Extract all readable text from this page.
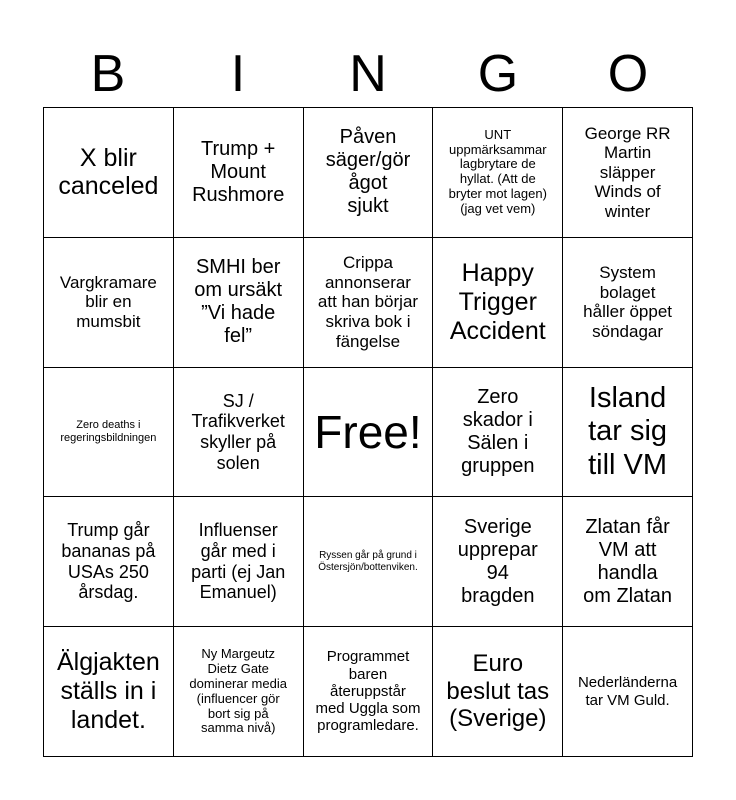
B	I	N	G	O
X blir
canceled
Trump +
Mount
Rushmore
Påven
säger/gör
ågot
sjukt
UNT
uppmärksammar
lagbrytare de
hyllat. (Att de
bryter mot lagen)
(jag vet vem)
George RR
Martin
släpper
Winds of
winter
Vargkramare
blir en
mumsbit
SMHI ber
om ursäkt
”Vi hade
fel”
Crippa
annonserar
att han börjar
skriva bok i
fängelse
Happy
Trigger
Accident
System
bolaget
håller öppet
söndagar
Zero deaths i
regeringsbildningen
SJ /
Trafikverket
skyller på
solen
Free!
Zero
skador i
Sälen i
gruppen
Island
tar sig
till VM
Trump går
bananas på
USAs 250
årsdag.
Influenser
går med i
parti (ej Jan
Emanuel)
Ryssen går på grund i
Östersjön/bottenviken.
Sverige
upprepar
94
bragden
Zlatan får
VM att
handla
om Zlatan
Älgjakten
ställs in i
landet.
Ny Margeutz
Dietz Gate
dominerar media
(influencer gör
bort sig på
samma nivå)
Programmet
baren
återuppstår
med Uggla som
programledare.
Euro
beslut tas
(Sverige)
Nederländerna
tar VM Guld.
